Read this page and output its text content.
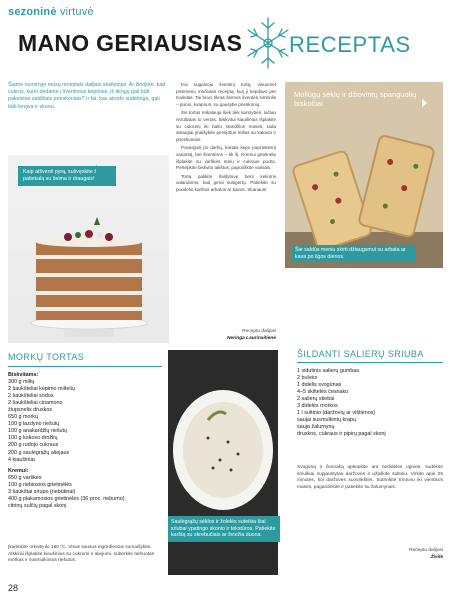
sezoninė virtuvė
MANO GERIAUSIAS RECEPTAS
Šiame numeryje mūsų receptais dalijasi skaitytojai. Ar žinojote, kad cukrus, kurio dedame į šventinius kepinius, iš tikrųjų gali būti pakeistas saldžiais prieskoniais? Ir tai, kas atrodo sudėtinga, gali būti lengva ir skanu.
Kaip atšventi pyrą, sušvęskite šį patiekalą su šeima ir draugais!

Kai sugalvoju šventinį tortą, visuomet prisimenu močiutės receptą, kurį ji kepdavo per Kalėdas. Tai buvo tikras šeimos šventės simbolis – purus, kvapnus, su gausybe prieskonių.

Šis tortas reikalauja šiek tiek kantrybės, tačiau rezultatas to vertas. Biskvitui kiaušinius išplakite su cukrumi iki balto standžios masės, tada atsargiai įmaišykite persijotus miltus su kakava ir prieskoniais.

Pavargusi po darbų, kartais kepu paprastesnį variantą, bet šventėms – tik šį. Kremui grietinėlę išplakite su varškės sūriu ir cukraus pudra. Pertepkite biskvito lakštus, papuoškite vaisiais.

Tortą palikite šaldytuve bent kelioms valandoms, kad gerai susigertų. Patiekite su puodeliu karštos arbatos ar kavos. Skanaus!

Receptu dalijosi
Neringa Laurinaitienė
Moliūgų sėklų ir džiovintų spanguolių biskočiai
Šie saldūs meniu skirti džiaugsmui su arbata ar kava po ilgos dienos.
MORKŲ TORTAS
Biskvitams:
300 g miltų
2 šaukšteliai kepimo miltelių
2 šaukšteliai sodos
2 šaukšteliai cinamono
žiupsnelis druskos
650 g morkų
100 g lazdyno riešutų
100 g anakardžių riešutų
100 g kokoso drožlių
200 g rudojo cukraus
200 g saulėgrąžų aliejaus
4 kiaušiniai
Kremui:
650 g varškės
100 g riebiosios grietinėlės
3 šaukštai sirupo (nebūtinai)
400 g plakamosios grietinėlės (36 proc. riebumo)
citrinų sulčių pagal skonį
Įkaitinkite orkaitę iki 180 °C. Visus sausus ingredientus sumaišykite. Atskirai išplakite kiaušinius su cukrumi ir aliejumi, suberkite tarkuotas morkas ir susmulkintus riešutus.
Saulėgrąžų sėklos ir žolelės suteikia šiai sriubai ypatingo skonio ir tekstūros. Patiekite karštą su skrebučiais ar šviežia duona.
ŠILDANTI SALIERŲ SRIUBA
1 vidutinis salierų gumbas
2 bulvės
1 didelis svogūnas
4–5 skiltelės česnako
2 salierų stiebai
3 didelės morkos
1 l sultinio (daržovių ar vištienos)
saujai susmulkintų krapų
sauja žalumynų
druskos, cukraus ir pipirų pagal skonį
Svogūną ir česnaką apkepkite ant nedidelės ugnies, sudėkite smulkiai supjaustytas daržoves ir užpilkite sultiniu. Virkite apie 25 minutes, kol daržovės suminkštės. Sutrinkite trintuvu iki vientisos masės, pagardinkite ir patiekite su žalumynais.
Receptu dalijosi
Živilė
28
